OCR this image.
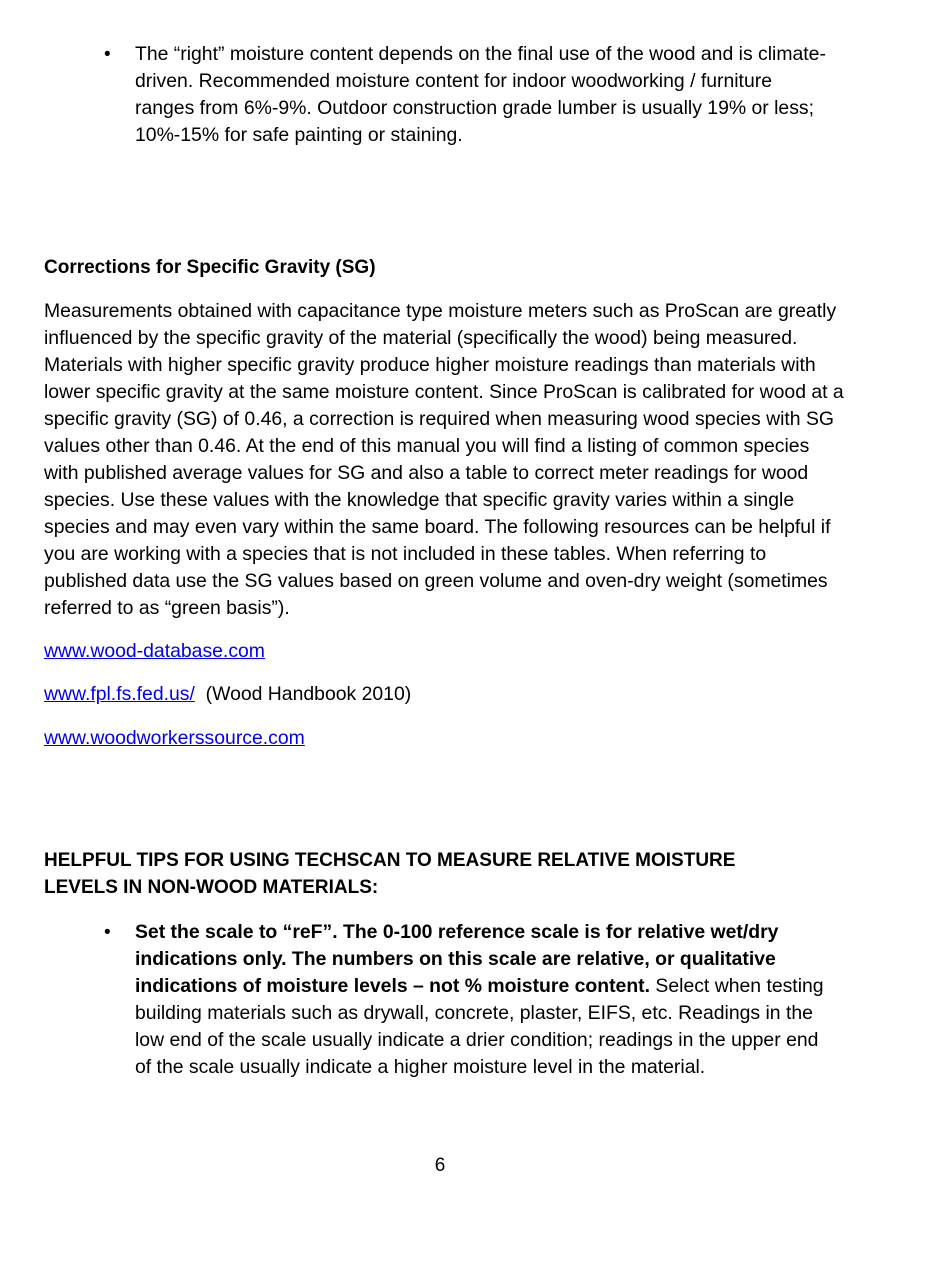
• The “right” moisture content depends on the final use of the wood and is climate-driven. Recommended moisture content for indoor woodworking / furniture ranges from 6%-9%. Outdoor construction grade lumber is usually 19% or less; 10%-15% for safe painting or staining.

Corrections for Specific Gravity (SG)

Measurements obtained with capacitance type moisture meters such as ProScan are greatly influenced by the specific gravity of the material (specifically the wood) being measured. Materials with higher specific gravity produce higher moisture readings than materials with lower specific gravity at the same moisture content. Since ProScan is calibrated for wood at a specific gravity (SG) of 0.46, a correction is required when measuring wood species with SG values other than 0.46. At the end of this manual you will find a listing of common species with published average values for SG and also a table to correct meter readings for wood species. Use these values with the knowledge that specific gravity varies within a single species and may even vary within the same board. The following resources can be helpful if you are working with a species that is not included in these tables. When referring to published data use the SG values based on green volume and oven-dry weight (sometimes referred to as “green basis”).

www.wood-database.com

www.fpl.fs.fed.us/ (Wood Handbook 2010)

www.woodworkerssource.com

HELPFUL TIPS FOR USING TECHSCAN TO MEASURE RELATIVE MOISTURE LEVELS IN NON-WOOD MATERIALS:
• Set the scale to “reF”. The 0-100 reference scale is for relative wet/dry indications only. The numbers on this scale are relative, or qualitative indications of moisture levels – not % moisture content. Select when testing building materials such as drywall, concrete, plaster, EIFS, etc. Readings in the low end of the scale usually indicate a drier condition; readings in the upper end of the scale usually indicate a higher moisture level in the material.

6
